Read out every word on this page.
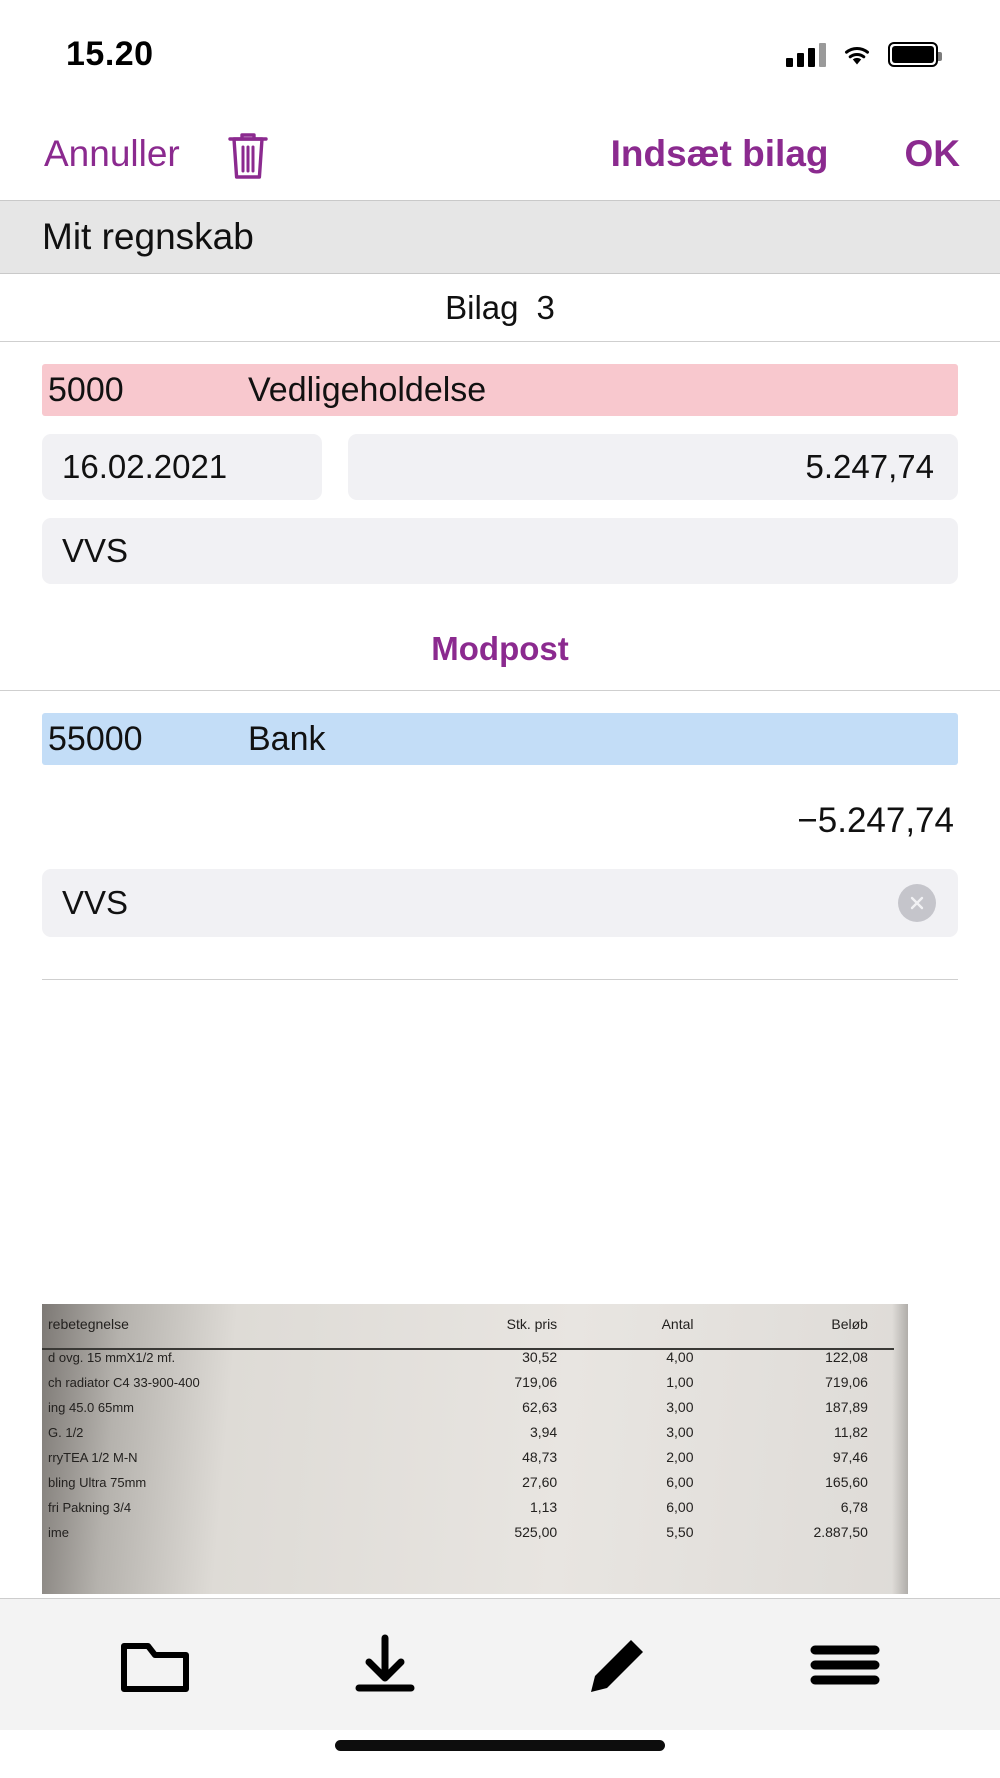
15.20
Annuller	Indsæt bilag OK
Mit regnskab
Bilag 3
5000	Vedligeholdelse
16.02.2021	5.247,74
VVS
Modpost
55000	Bank
−5.247,74
VVS
rebetegnelse	Stk. pris	Antal	Beløb
d ovg. 15 mmX1/2 mf.	30,52	4,00	122,08
ch radiator C4 33-900-400	719,06	1,00	719,06
ing 45.0 65mm	62,63	3,00	187,89
G. 1/2	3,94	3,00	11,82
rryTEA 1/2 M-N	48,73	2,00	97,46
bling Ultra 75mm	27,60	6,00	165,60
fri Pakning 3/4	1,13	6,00	6,78
ime	525,00	5,50	2.887,50
